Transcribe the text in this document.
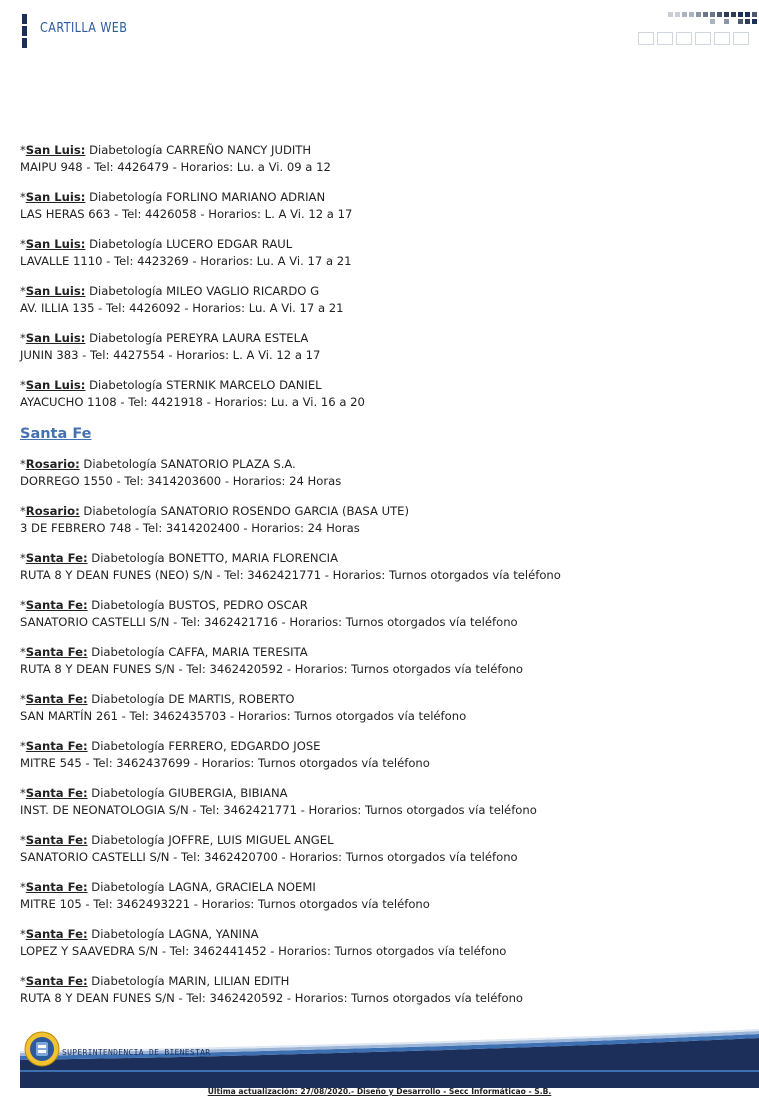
CARTILLA WEB
*San Luis: Diabetología CARREÑO NANCY JUDITH
MAIPU 948 - Tel: 4426479 - Horarios: Lu. a Vi. 09 a 12
*San Luis: Diabetología FORLINO MARIANO ADRIAN
LAS HERAS 663 - Tel: 4426058 - Horarios: L. A Vi. 12 a 17
*San Luis: Diabetología LUCERO EDGAR RAUL
LAVALLE 1110 - Tel: 4423269 - Horarios: Lu. A Vi. 17 a 21
*San Luis: Diabetología MILEO VAGLIO RICARDO G
AV. ILLIA 135 - Tel: 4426092 - Horarios: Lu. A Vi. 17 a 21
*San Luis: Diabetología PEREYRA LAURA ESTELA
JUNIN 383 - Tel: 4427554 - Horarios: L. A Vi. 12 a 17
*San Luis: Diabetología STERNIK MARCELO DANIEL
AYACUCHO 1108 - Tel: 4421918 - Horarios: Lu. a Vi. 16 a 20
Santa Fe
*Rosario: Diabetología SANATORIO PLAZA S.A.
DORREGO 1550 - Tel: 3414203600 - Horarios: 24 Horas
*Rosario: Diabetología SANATORIO ROSENDO GARCIA (BASA UTE)
3 DE FEBRERO 748 - Tel: 3414202400 - Horarios: 24 Horas
*Santa Fe: Diabetología BONETTO, MARIA FLORENCIA
RUTA 8 Y DEAN FUNES (NEO) S/N - Tel: 3462421771 - Horarios: Turnos otorgados vía teléfono
*Santa Fe: Diabetología BUSTOS, PEDRO OSCAR
SANATORIO CASTELLI S/N - Tel: 3462421716 - Horarios: Turnos otorgados vía teléfono
*Santa Fe: Diabetología CAFFA, MARIA TERESITA
RUTA 8 Y DEAN FUNES S/N - Tel: 3462420592 - Horarios: Turnos otorgados vía teléfono
*Santa Fe: Diabetología DE MARTIS, ROBERTO
SAN MARTÍN 261 - Tel: 3462435703 - Horarios: Turnos otorgados vía teléfono
*Santa Fe: Diabetología FERRERO, EDGARDO JOSE
MITRE 545 - Tel: 3462437699 - Horarios: Turnos otorgados vía teléfono
*Santa Fe: Diabetología GIUBERGIA, BIBIANA
INST. DE NEONATOLOGIA S/N - Tel: 3462421771 - Horarios: Turnos otorgados vía teléfono
*Santa Fe: Diabetología JOFFRE, LUIS MIGUEL ANGEL
SANATORIO CASTELLI S/N - Tel: 3462420700 - Horarios: Turnos otorgados vía teléfono
*Santa Fe: Diabetología LAGNA, GRACIELA NOEMI
MITRE 105 - Tel: 3462493221 - Horarios: Turnos otorgados vía teléfono
*Santa Fe: Diabetología LAGNA, YANINA
LOPEZ Y SAAVEDRA S/N - Tel: 3462441452 - Horarios: Turnos otorgados vía teléfono
*Santa Fe: Diabetología MARIN, LILIAN EDITH
RUTA 8 Y DEAN FUNES S/N - Tel: 3462420592 - Horarios: Turnos otorgados vía teléfono
SUPERINTENDENCIA DE BIENESTAR
Última actualización: 27/08/2020.- Diseño y Desarrollo - Secc Informáticao - S.B.
